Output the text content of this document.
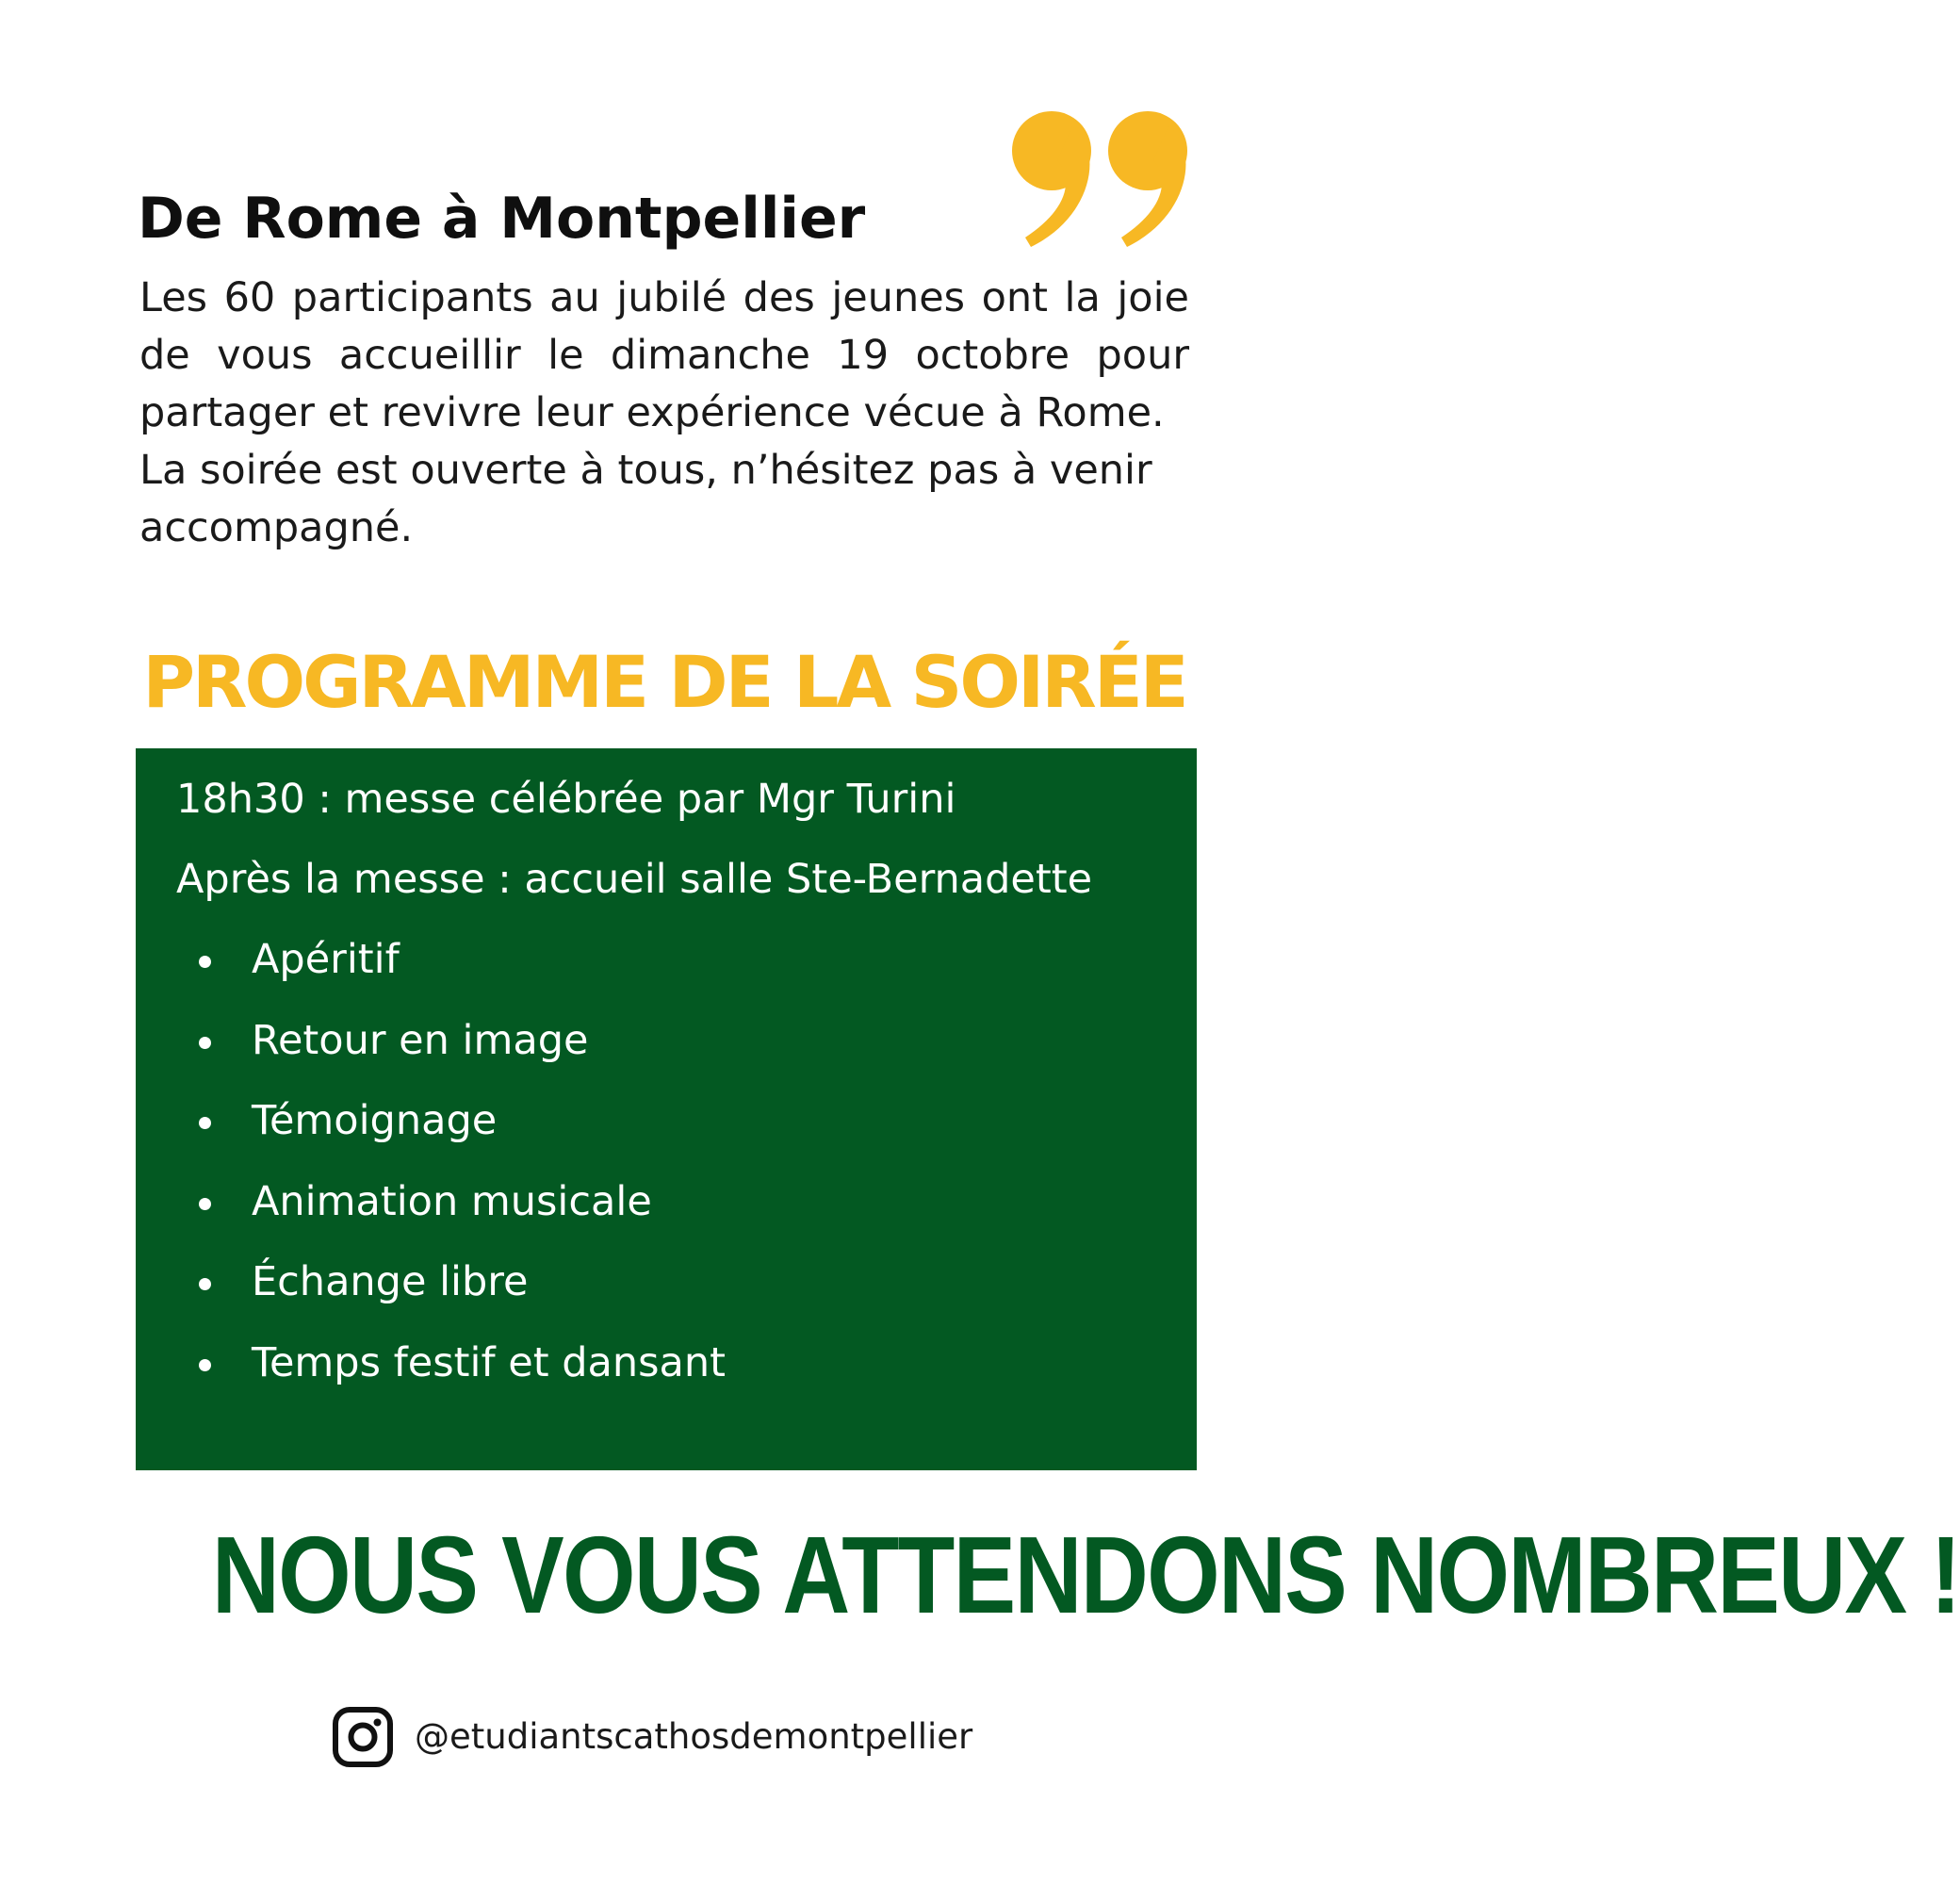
De Rome à Montpellier

Les 60 participants au jubilé des jeunes ont la joie de vous accueillir le dimanche 19 octobre pour partager et revivre leur expérience vécue à Rome.

La soirée est ouverte à tous, n’hésitez pas à venir accompagné.

PROGRAMME DE LA SOIRÉE

18h30 : messe célébrée par Mgr Turini

Après la messe : accueil salle Ste-Bernadette

Apéritif
Retour en image
Témoignage
Animation musicale
Échange libre
Temps festif et dansant
NOUS VOUS ATTENDONS NOMBREUX !
@etudiantscathosdemontpellier
